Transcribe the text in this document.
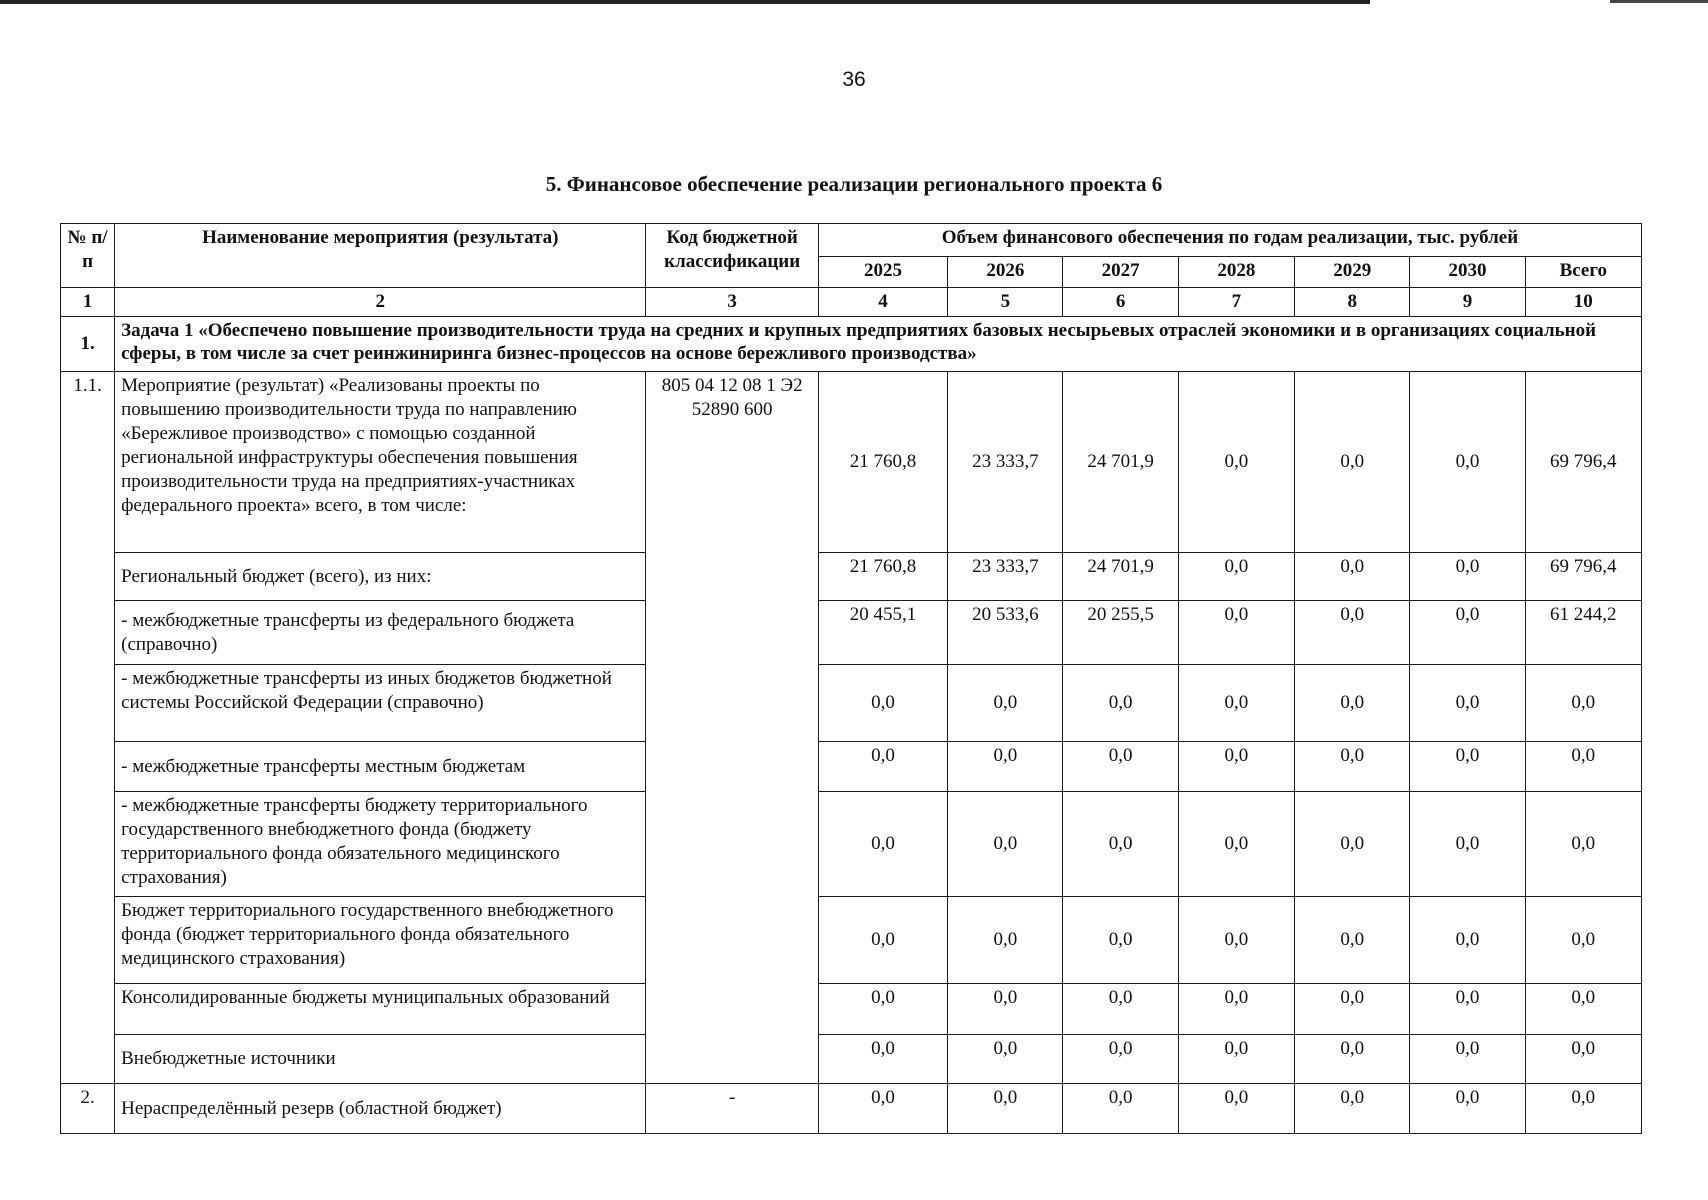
36
5. Финансовое обеспечение реализации регионального проекта 6
№ п/п	Наименование мероприятия (результата)	Код бюджетной классификации	Объем финансового обеспечения по годам реализации, тыс. рублей						
			2025	2026	2027	2028	2029	2030	Всего
1	2	3	4	5	6	7	8	9	10
1.	Задача 1 «Обеспечено повышение производительности труда на средних и крупных предприятиях базовых несырьевых отраслей экономики и в организациях социальной сферы, в том числе за счет реинжиниринга бизнес-процессов на основе бережливого производства»								
1.1.	Мероприятие (результат) «Реализованы проекты по повышению производительности труда по направлению «Бережливое производство» с помощью созданной региональной инфраструктуры обеспечения повышения производительности труда на предприятиях-участниках федерального проекта» всего, в том числе:	805 04 12 08 1 Э2 52890 600	21 760,8	23 333,7	24 701,9	0,0	0,0	0,0	69 796,4
	Региональный бюджет (всего), из них:		21 760,8	23 333,7	24 701,9	0,0	0,0	0,0	69 796,4
	- межбюджетные трансферты из федерального бюджета (справочно)		20 455,1	20 533,6	20 255,5	0,0	0,0	0,0	61 244,2
	- межбюджетные трансферты из иных бюджетов бюджетной системы Российской Федерации (справочно)		0,0	0,0	0,0	0,0	0,0	0,0	0,0
	- межбюджетные трансферты местным бюджетам		0,0	0,0	0,0	0,0	0,0	0,0	0,0
	- межбюджетные трансферты бюджету территориального государственного внебюджетного фонда (бюджету территориального фонда обязательного медицинского страхования)		0,0	0,0	0,0	0,0	0,0	0,0	0,0
	Бюджет территориального государственного внебюджетного фонда (бюджет территориального фонда обязательного медицинского страхования)		0,0	0,0	0,0	0,0	0,0	0,0	0,0
	Консолидированные бюджеты муниципальных образований		0,0	0,0	0,0	0,0	0,0	0,0	0,0
	Внебюджетные источники		0,0	0,0	0,0	0,0	0,0	0,0	0,0
2.	Нераспределённый резерв (областной бюджет)	-	0,0	0,0	0,0	0,0	0,0	0,0	0,0
